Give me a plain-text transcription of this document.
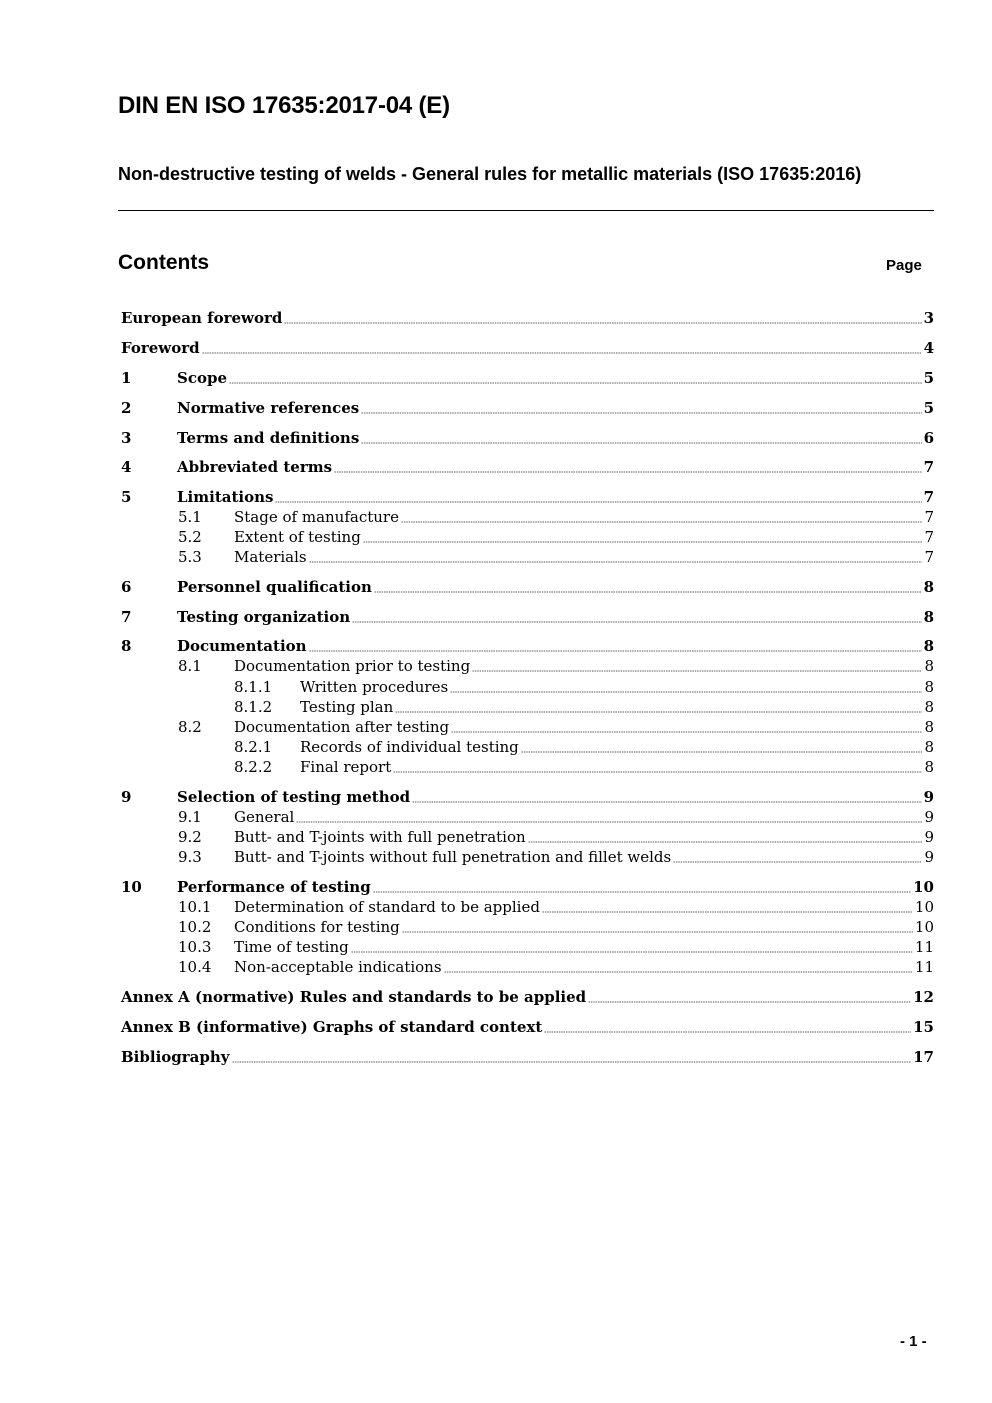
DIN EN ISO 17635:2017-04 (E)
Non-destructive testing of welds - General rules for metallic materials (ISO 17635:2016)
Contents	Page
European foreword	3
Foreword	4
1	Scope	5
2	Normative references	5
3	Terms and definitions	6
4	Abbreviated terms	7
5	Limitations	7
5.1	Stage of manufacture	7
5.2	Extent of testing	7
5.3	Materials	7
6	Personnel qualification	8
7	Testing organization	8
8	Documentation	8
8.1	Documentation prior to testing	8
8.1.1	Written procedures	8
8.1.2	Testing plan	8
8.2	Documentation after testing	8
8.2.1	Records of individual testing	8
8.2.2	Final report	8
9	Selection of testing method	9
9.1	General	9
9.2	Butt- and T-joints with full penetration	9
9.3	Butt- and T-joints without full penetration and fillet welds	9
10	Performance of testing	10
10.1	Determination of standard to be applied	10
10.2	Conditions for testing	10
10.3	Time of testing	11
10.4	Non-acceptable indications	11
Annex A (normative) Rules and standards to be applied	12
Annex B (informative) Graphs of standard context	15
Bibliography	17
- 1 -
